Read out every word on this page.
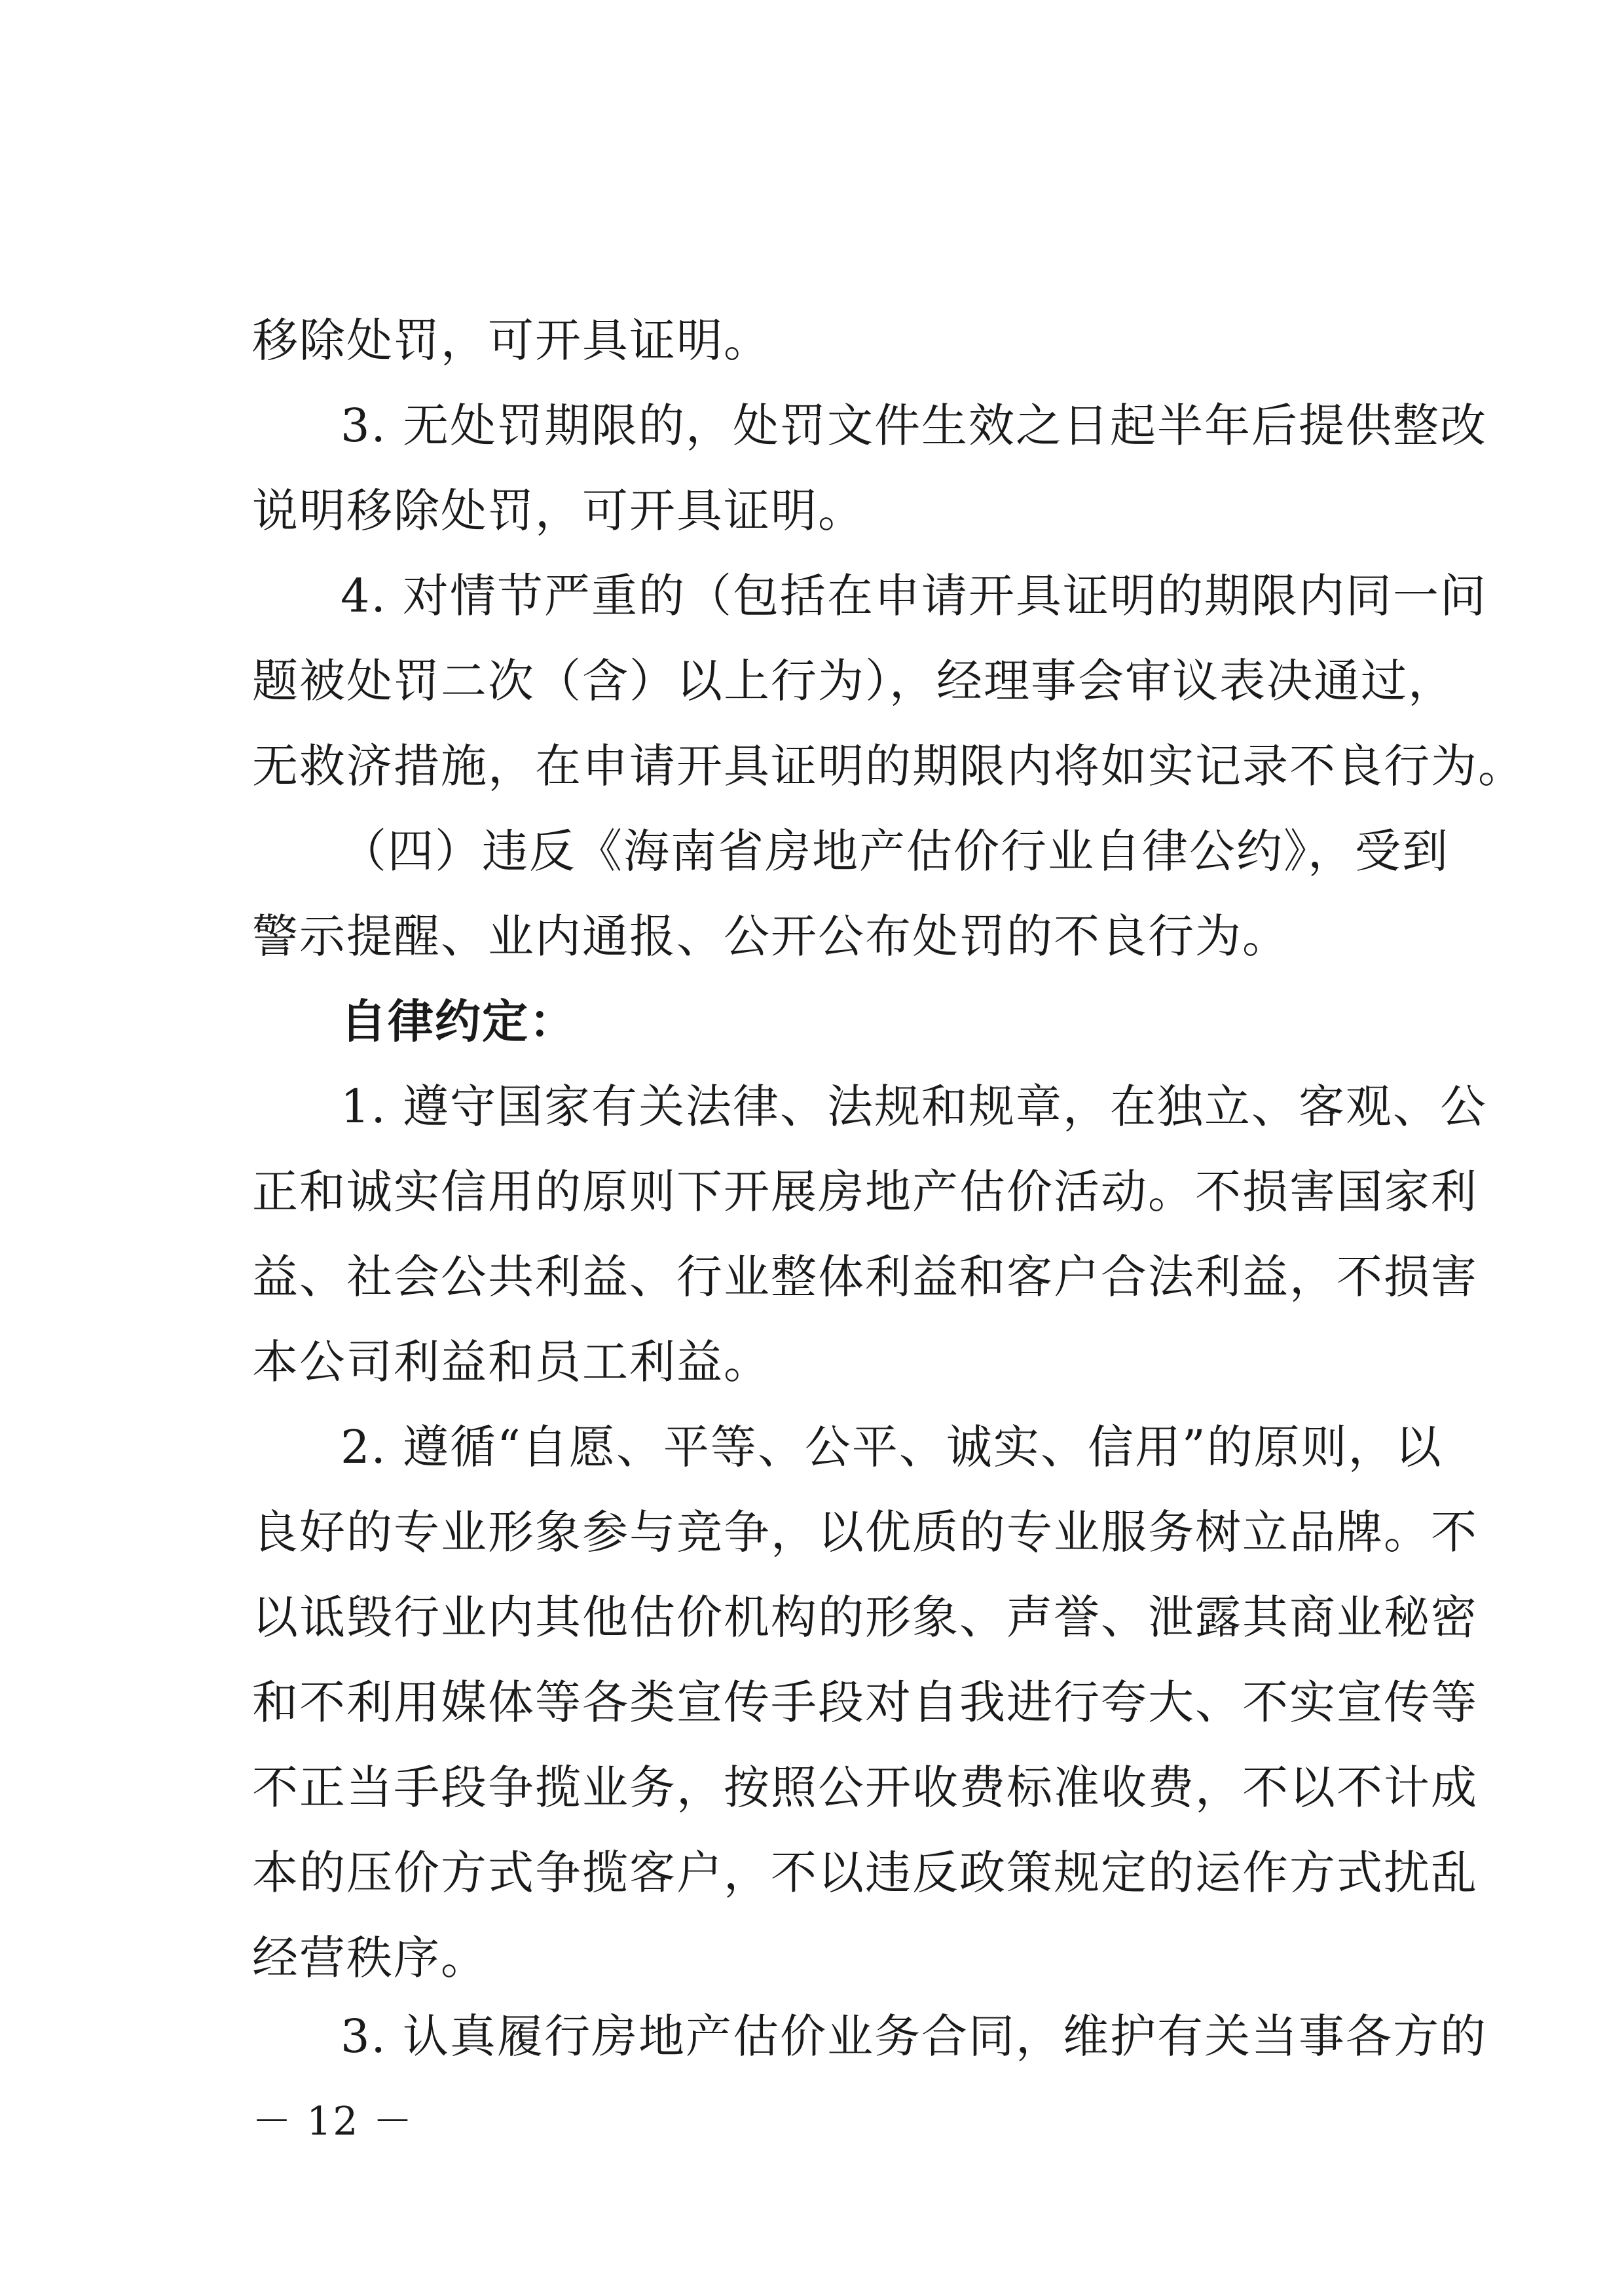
移除处罚，可开具证明。
3. 无处罚期限的，处罚文件生效之日起半年后提供整改
说明移除处罚，可开具证明。
4. 对情节严重的（包括在申请开具证明的期限内同一问
题被处罚二次（含）以上行为），经理事会审议表决通过，
无救济措施，在申请开具证明的期限内将如实记录不良行为。
（四）违反《海南省房地产估价行业自律公约》，受到
警示提醒、业内通报、公开公布处罚的不良行为。
自律约定：
1. 遵守国家有关法律、法规和规章，在独立、客观、公
正和诚实信用的原则下开展房地产估价活动。不损害国家利
益、社会公共利益、行业整体利益和客户合法利益，不损害
本公司利益和员工利益。
2. 遵循“自愿、平等、公平、诚实、信用”的原则，以
良好的专业形象参与竞争，以优质的专业服务树立品牌。不
以诋毁行业内其他估价机构的形象、声誉、泄露其商业秘密
和不利用媒体等各类宣传手段对自我进行夸大、不实宣传等
不正当手段争揽业务，按照公开收费标准收费，不以不计成
本的压价方式争揽客户，不以违反政策规定的运作方式扰乱
经营秩序。
3. 认真履行房地产估价业务合同，维护有关当事各方的
－ 12 －
